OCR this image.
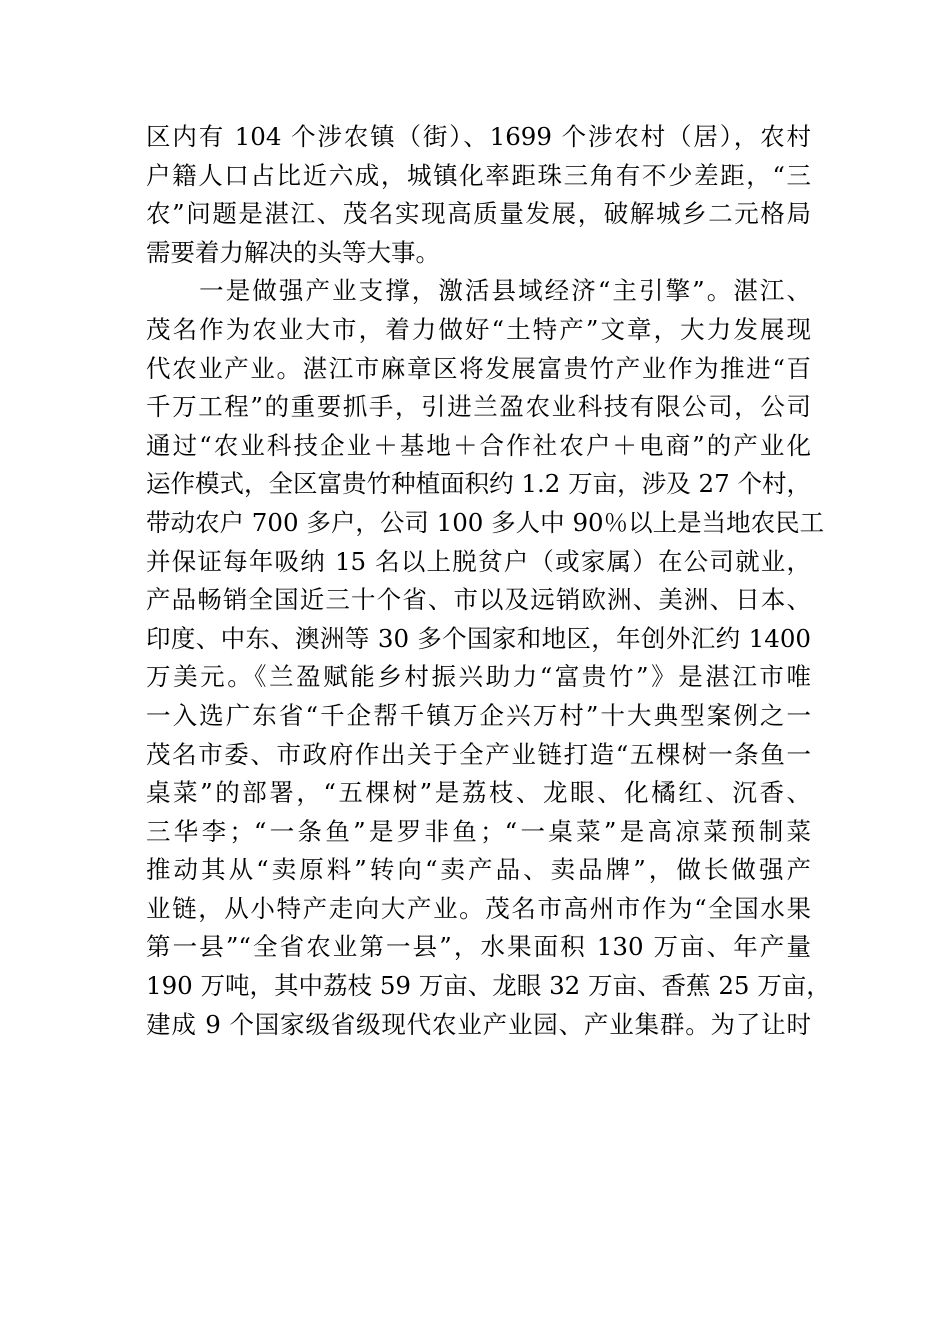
区内有 104 个涉农镇（街）、1699 个涉农村（居），农村
户籍人口占比近六成，城镇化率距珠三角有不少差距，“三
农”问题是湛江、茂名实现高质量发展，破解城乡二元格局
需要着力解决的头等大事。
　　一是做强产业支撑，激活县域经济“主引擎”。湛江、
茂名作为农业大市，着力做好“土特产”文章，大力发展现
代农业产业。湛江市麻章区将发展富贵竹产业作为推进“百
千万工程”的重要抓手，引进兰盈农业科技有限公司，公司
通过“农业科技企业＋基地＋合作社农户＋电商”的产业化
运作模式，全区富贵竹种植面积约 1.2 万亩，涉及 27 个村，
带动农户 700 多户，公司 100 多人中 90％以上是当地农民工
并保证每年吸纳 15 名以上脱贫户（或家属）在公司就业，
产品畅销全国近三十个省、市以及远销欧洲、美洲、日本、
印度、中东、澳洲等 30 多个国家和地区，年创外汇约 1400
万美元。《兰盈赋能乡村振兴助力“富贵竹”》是湛江市唯
一入选广东省“千企帮千镇万企兴万村”十大典型案例之一
茂名市委、市政府作出关于全产业链打造“五棵树一条鱼一
桌菜”的部署，“五棵树”是荔枝、龙眼、化橘红、沉香、
三华李；“一条鱼”是罗非鱼；“一桌菜”是高凉菜预制菜
推动其从“卖原料”转向“卖产品、卖品牌”，做长做强产
业链，从小特产走向大产业。茂名市高州市作为“全国水果
第一县”“全省农业第一县”，水果面积 130 万亩、年产量
190 万吨，其中荔枝 59 万亩、龙眼 32 万亩、香蕉 25 万亩，
建成 9 个国家级省级现代农业产业园、产业集群。为了让时
